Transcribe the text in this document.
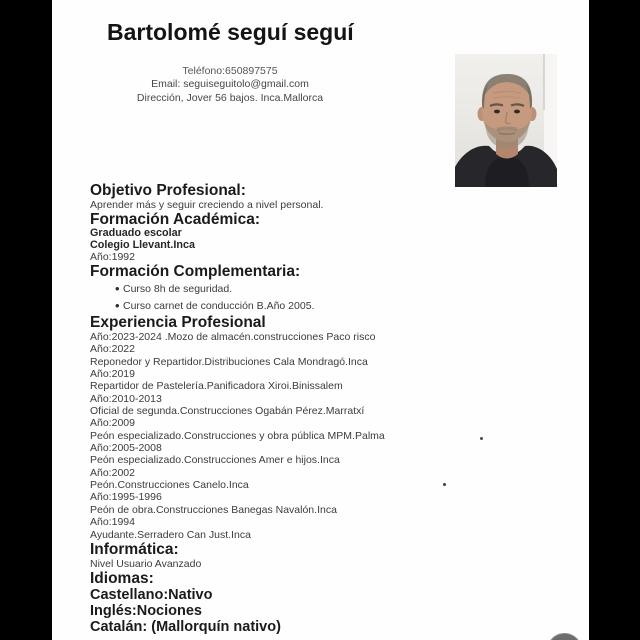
Bartolomé seguí seguí
Teléfono:650897575
Email: seguiseguitolo@gmail.com
Dirección, Jover 56 bajos. Inca.Mallorca
Objetivo Profesional:

Aprender más y seguir creciendo a nivel personal.

Formación Académica:

Graduado escolar

Colegio Llevant.Inca

Año:1992

Formación Complementaria:
• Curso 8h de seguridad.
• Curso carnet de conducción B.Año 2005.
Experiencia Profesional
Año:2023-2024 .Mozo de almacén.construcciones Paco risco
Año:2022
Reponedor y Repartidor.Distribuciones Cala Mondragó.Inca
Año:2019
Repartidor de Pastelería.Panificadora Xiroi.Binissalem
Año:2010-2013
Oficial de segunda.Construcciones Ogabán Pérez.Marratxí
Año:2009
Peón especializado.Construcciones y obra pública MPM.Palma
Año:2005-2008
Peón especializado.Construcciones Amer e hijos.Inca
Año:2002
Peón.Construcciones Canelo.Inca
Año:1995-1996
Peón de obra.Construcciones Banegas Navalón.Inca
Año:1994
Ayudante.Serradero Can Just.Inca
Informática:

Nivel Usuario Avanzado

Idiomas:
Castellano:Nativo
Inglés:Nociones
Catalán: (Mallorquín nativo)
